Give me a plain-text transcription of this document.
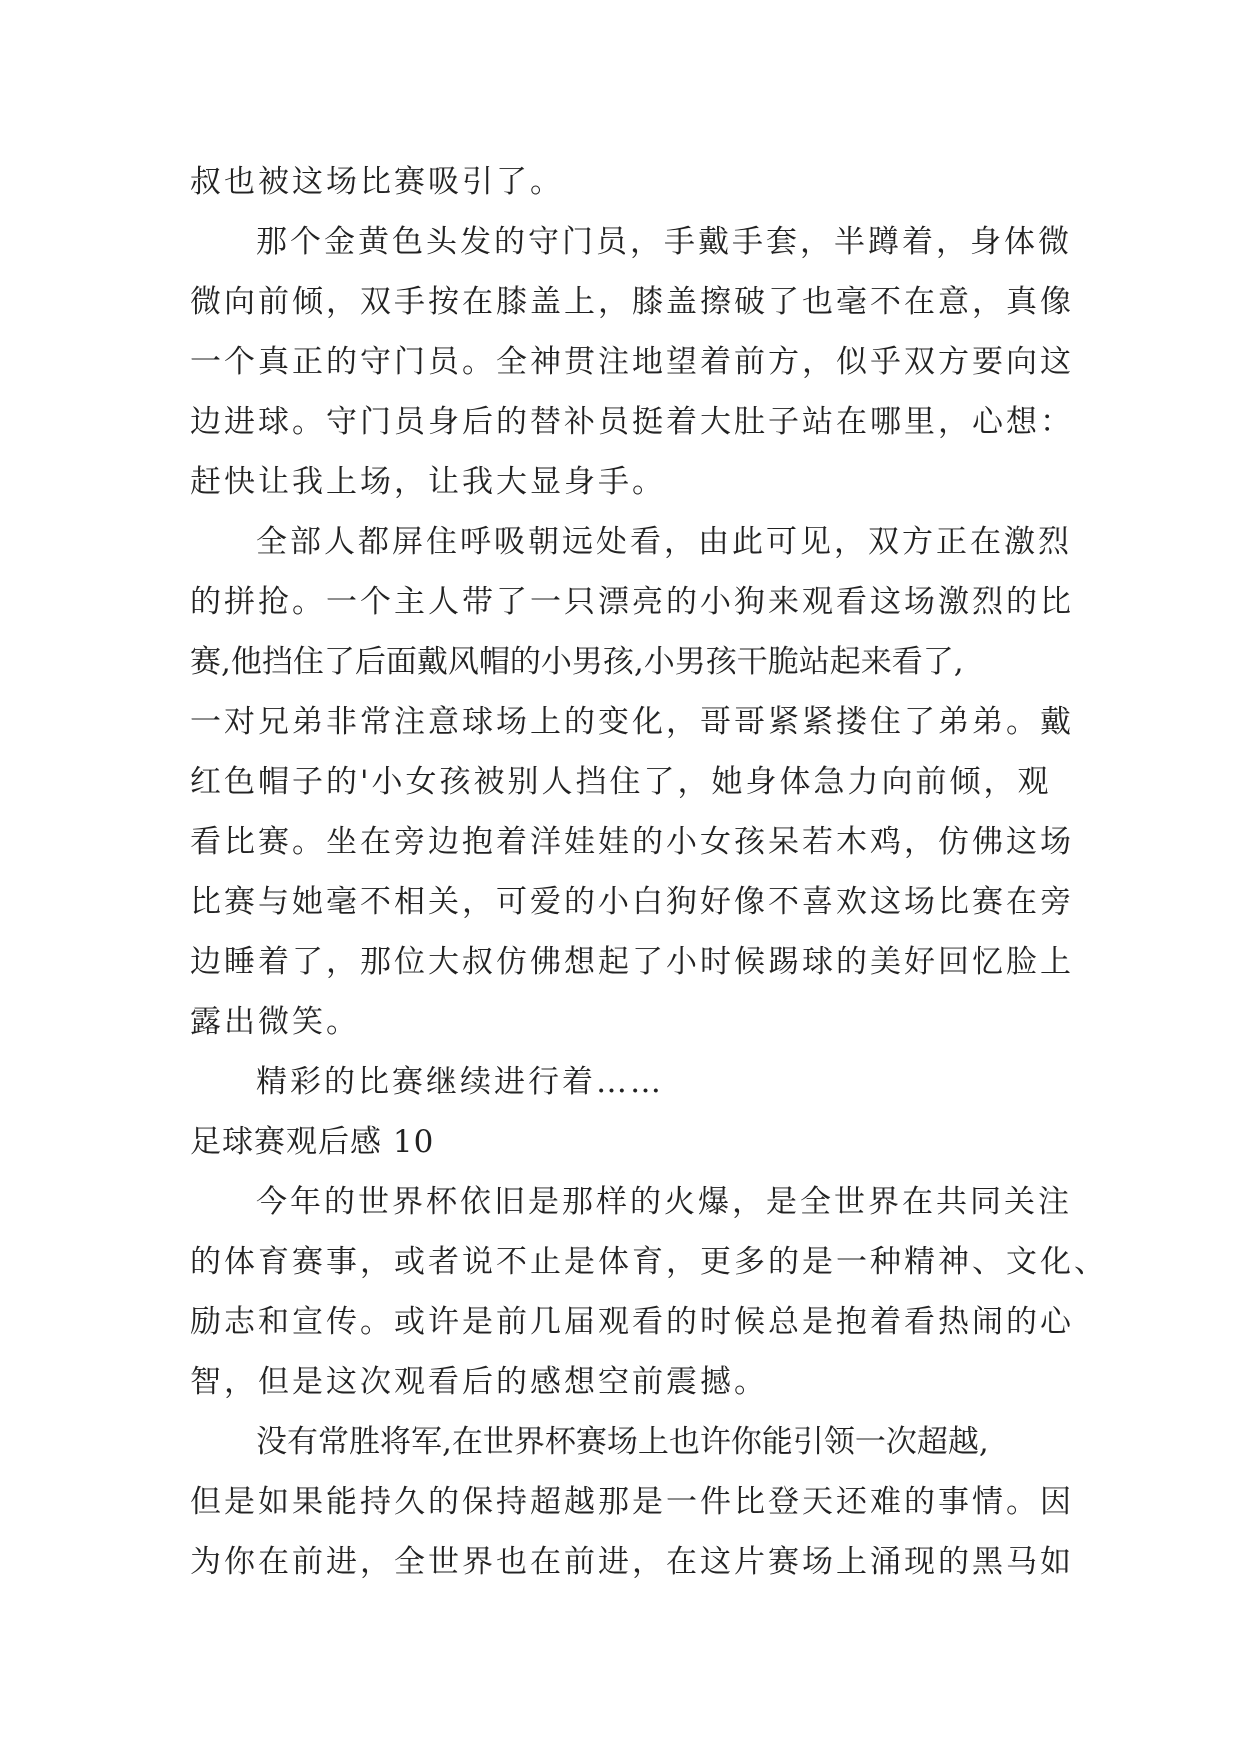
叔也被这场比赛吸引了。
那个金黄色头发的守门员，手戴手套，半蹲着，身体微
微向前倾，双手按在膝盖上，膝盖擦破了也毫不在意，真像
一个真正的守门员。全神贯注地望着前方，似乎双方要向这
边进球。守门员身后的替补员挺着大肚子站在哪里，心想：
赶快让我上场，让我大显身手。
全部人都屏住呼吸朝远处看，由此可见，双方正在激烈
的拼抢。一个主人带了一只漂亮的小狗来观看这场激烈的比
赛,他挡住了后面戴风帽的小男孩,小男孩干脆站起来看了,
一对兄弟非常注意球场上的变化，哥哥紧紧搂住了弟弟。戴
红色帽子的'小女孩被别人挡住了，她身体急力向前倾，观
看比赛。坐在旁边抱着洋娃娃的小女孩呆若木鸡，仿佛这场
比赛与她毫不相关，可爱的小白狗好像不喜欢这场比赛在旁
边睡着了，那位大叔仿佛想起了小时候踢球的美好回忆脸上
露出微笑。
精彩的比赛继续进行着……
足球赛观后感 10
今年的世界杯依旧是那样的火爆，是全世界在共同关注
的体育赛事，或者说不止是体育，更多的是一种精神、文化、
励志和宣传。或许是前几届观看的时候总是抱着看热闹的心
智，但是这次观看后的感想空前震撼。
没有常胜将军,在世界杯赛场上也许你能引领一次超越,
但是如果能持久的保持超越那是一件比登天还难的事情。因
为你在前进，全世界也在前进，在这片赛场上涌现的黑马如
